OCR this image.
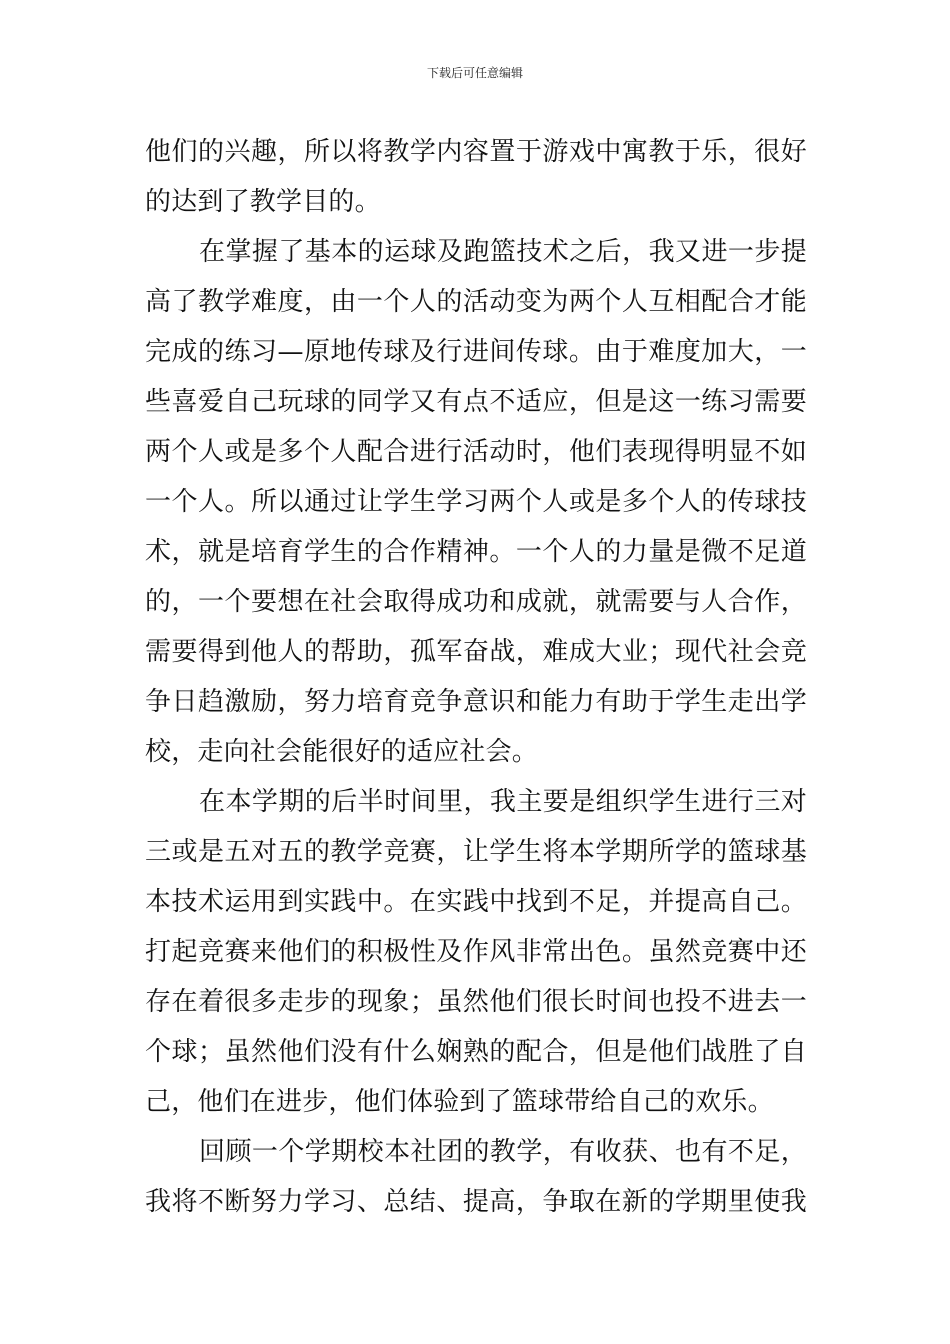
下载后可任意编辑
他们的兴趣，所以将教学内容置于游戏中寓教于乐，很好
的达到了教学目的。
在掌握了基本的运球及跑篮技术之后，我又进一步提
高了教学难度，由一个人的活动变为两个人互相配合才能
完成的练习—原地传球及行进间传球。由于难度加大，一
些喜爱自己玩球的同学又有点不适应，但是这一练习需要
两个人或是多个人配合进行活动时，他们表现得明显不如
一个人。所以通过让学生学习两个人或是多个人的传球技
术，就是培育学生的合作精神。一个人的力量是微不足道
的，一个要想在社会取得成功和成就，就需要与人合作，
需要得到他人的帮助，孤军奋战，难成大业；现代社会竞
争日趋激励，努力培育竞争意识和能力有助于学生走出学
校，走向社会能很好的适应社会。
在本学期的后半时间里，我主要是组织学生进行三对
三或是五对五的教学竞赛，让学生将本学期所学的篮球基
本技术运用到实践中。在实践中找到不足，并提高自己。
打起竞赛来他们的积极性及作风非常出色。虽然竞赛中还
存在着很多走步的现象；虽然他们很长时间也投不进去一
个球；虽然他们没有什么娴熟的配合，但是他们战胜了自
己，他们在进步，他们体验到了篮球带给自己的欢乐。
回顾一个学期校本社团的教学，有收获、也有不足，
我将不断努力学习、总结、提高，争取在新的学期里使我
